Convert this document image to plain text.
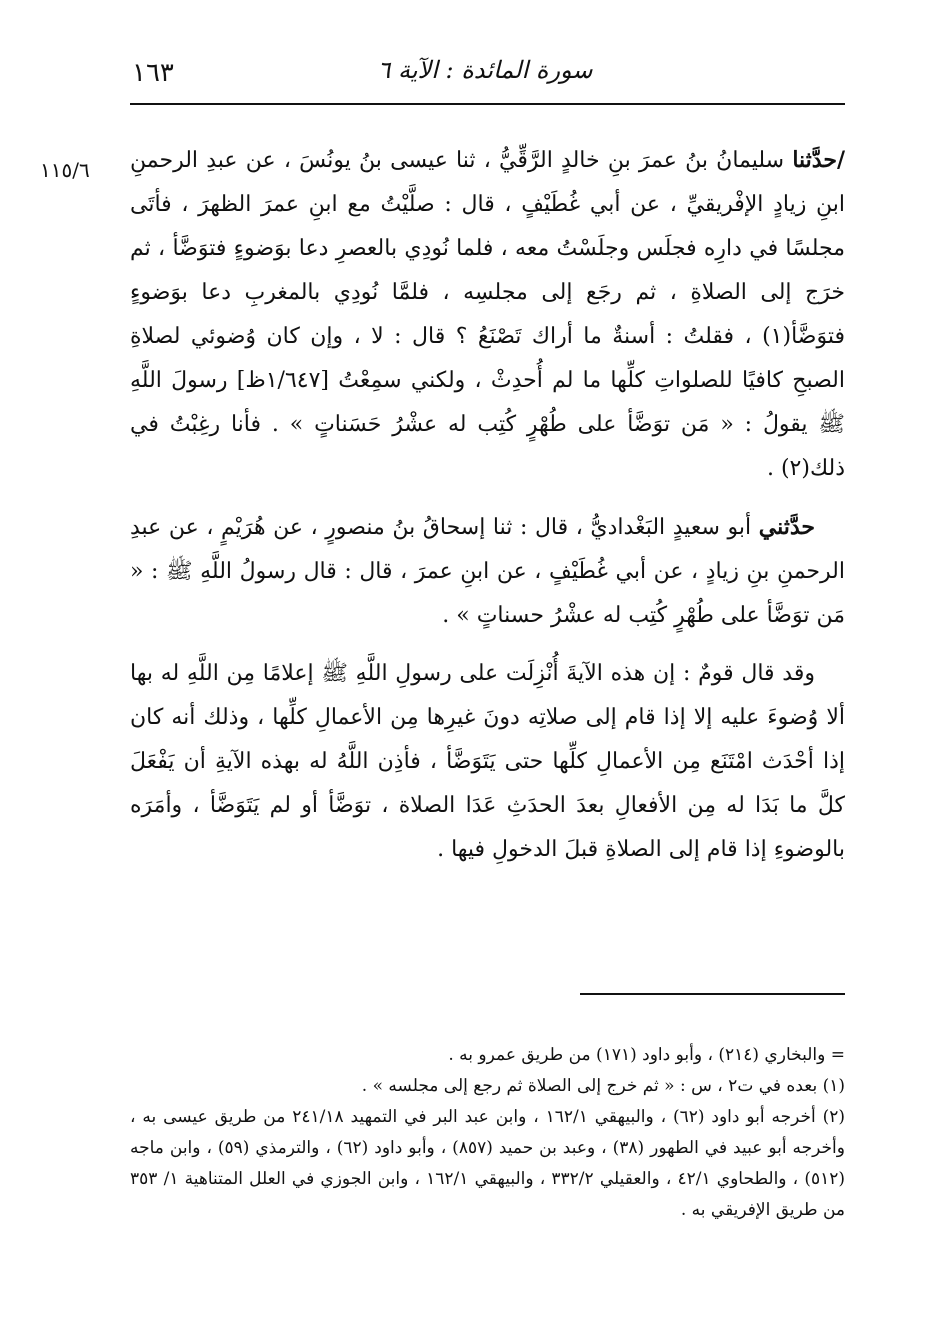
١٦٣	سورة المائدة : الآية ٦
١١٥/٦	/حدَّثنا سليمانُ بنُ عمرَ بنِ خالدٍ الرَّقِّيُّ ، ثنا عيسى بنُ يونُسَ ، عن عبدِ الرحمنِ ابنِ زيادٍ الإفْريقيِّ ، عن أبي غُطَيْفٍ ، قال : صلَّيْتُ مع ابنِ عمرَ الظهرَ ، فأتَى مجلسًا في دارِه فجلَس وجلَسْتُ معه ، فلما نُودِي بالعصرِ دعا بوَضوءٍ فتوَضَّأ ، ثم خرَج إلى الصلاةِ ، ثم رجَع إلى مجلسِه ، فلمَّا نُودِي بالمغربِ دعا بوَضوءٍ فتوَضَّأ(١) ، فقلتُ : أسنةٌ ما أراك تَصْنَعُ ؟ قال : لا ، وإن كان وُضوئي لصلاةِ الصبحِ كافيًا للصلواتِ كلِّها ما لم أُحدِثْ ، ولكني سمِعْتُ [١/٦٤٧ظ] رسولَ اللَّهِ ﷺ يقولُ : « مَن توَضَّأ على طُهْرٍ كُتِب له عشْرُ حَسَناتٍ » . فأنا رغِبْتُ في ذلك(٢) .

حدَّثني أبو سعيدٍ البَغْداديُّ ، قال : ثنا إسحاقُ بنُ منصورٍ ، عن هُرَيْمٍ ، عن عبدِ الرحمنِ بنِ زيادٍ ، عن أبي غُطَيْفٍ ، عن ابنِ عمرَ ، قال : قال رسولُ اللَّهِ ﷺ : « مَن توَضَّأ على طُهْرٍ كُتِب له عشْرُ حسناتٍ » .

وقد قال قومٌ : إن هذه الآيةَ أُنْزِلَت على رسولِ اللَّهِ ﷺ إعلامًا مِن اللَّهِ له بها ألا وُضوءَ عليه إلا إذا قام إلى صلاتِه دونَ غيرِها مِن الأعمالِ كلِّها ، وذلك أنه كان إذا أحْدَث امْتَنَع مِن الأعمالِ كلِّها حتى يَتَوَضَّأ ، فأذِن اللَّهُ له بهذه الآيةِ أن يَفْعَلَ كلَّ ما بَدَا له مِن الأفعالِ بعدَ الحدَثِ عَدَا الصلاة ، توَضَّأ أو لم يَتَوَضَّأ ، وأمَرَه بالوضوءِ إذا قام إلى الصلاةِ قبلَ الدخولِ فيها .

= والبخاري (٢١٤) ، وأبو داود (١٧١) من طريق عمرو به .

(١) بعده في ت٢ ، س : « ثم خرج إلى الصلاة ثم رجع إلى مجلسه » .

(٢) أخرجه أبو داود (٦٢) ، والبيهقي ١٦٢/١ ، وابن عبد البر في التمهيد ٢٤١/١٨ من طريق عيسى به ، وأخرجه أبو عبيد في الطهور (٣٨) ، وعبد بن حميد (٨٥٧) ، وأبو داود (٦٢) ، والترمذي (٥٩) ، وابن ماجه (٥١٢) ، والطحاوي ٤٢/١ ، والعقيلي ٣٣٢/٢ ، والبيهقي ١٦٢/١ ، وابن الجوزي في العلل المتناهية ١/ ٣٥٣ من طريق الإفريقي به .
